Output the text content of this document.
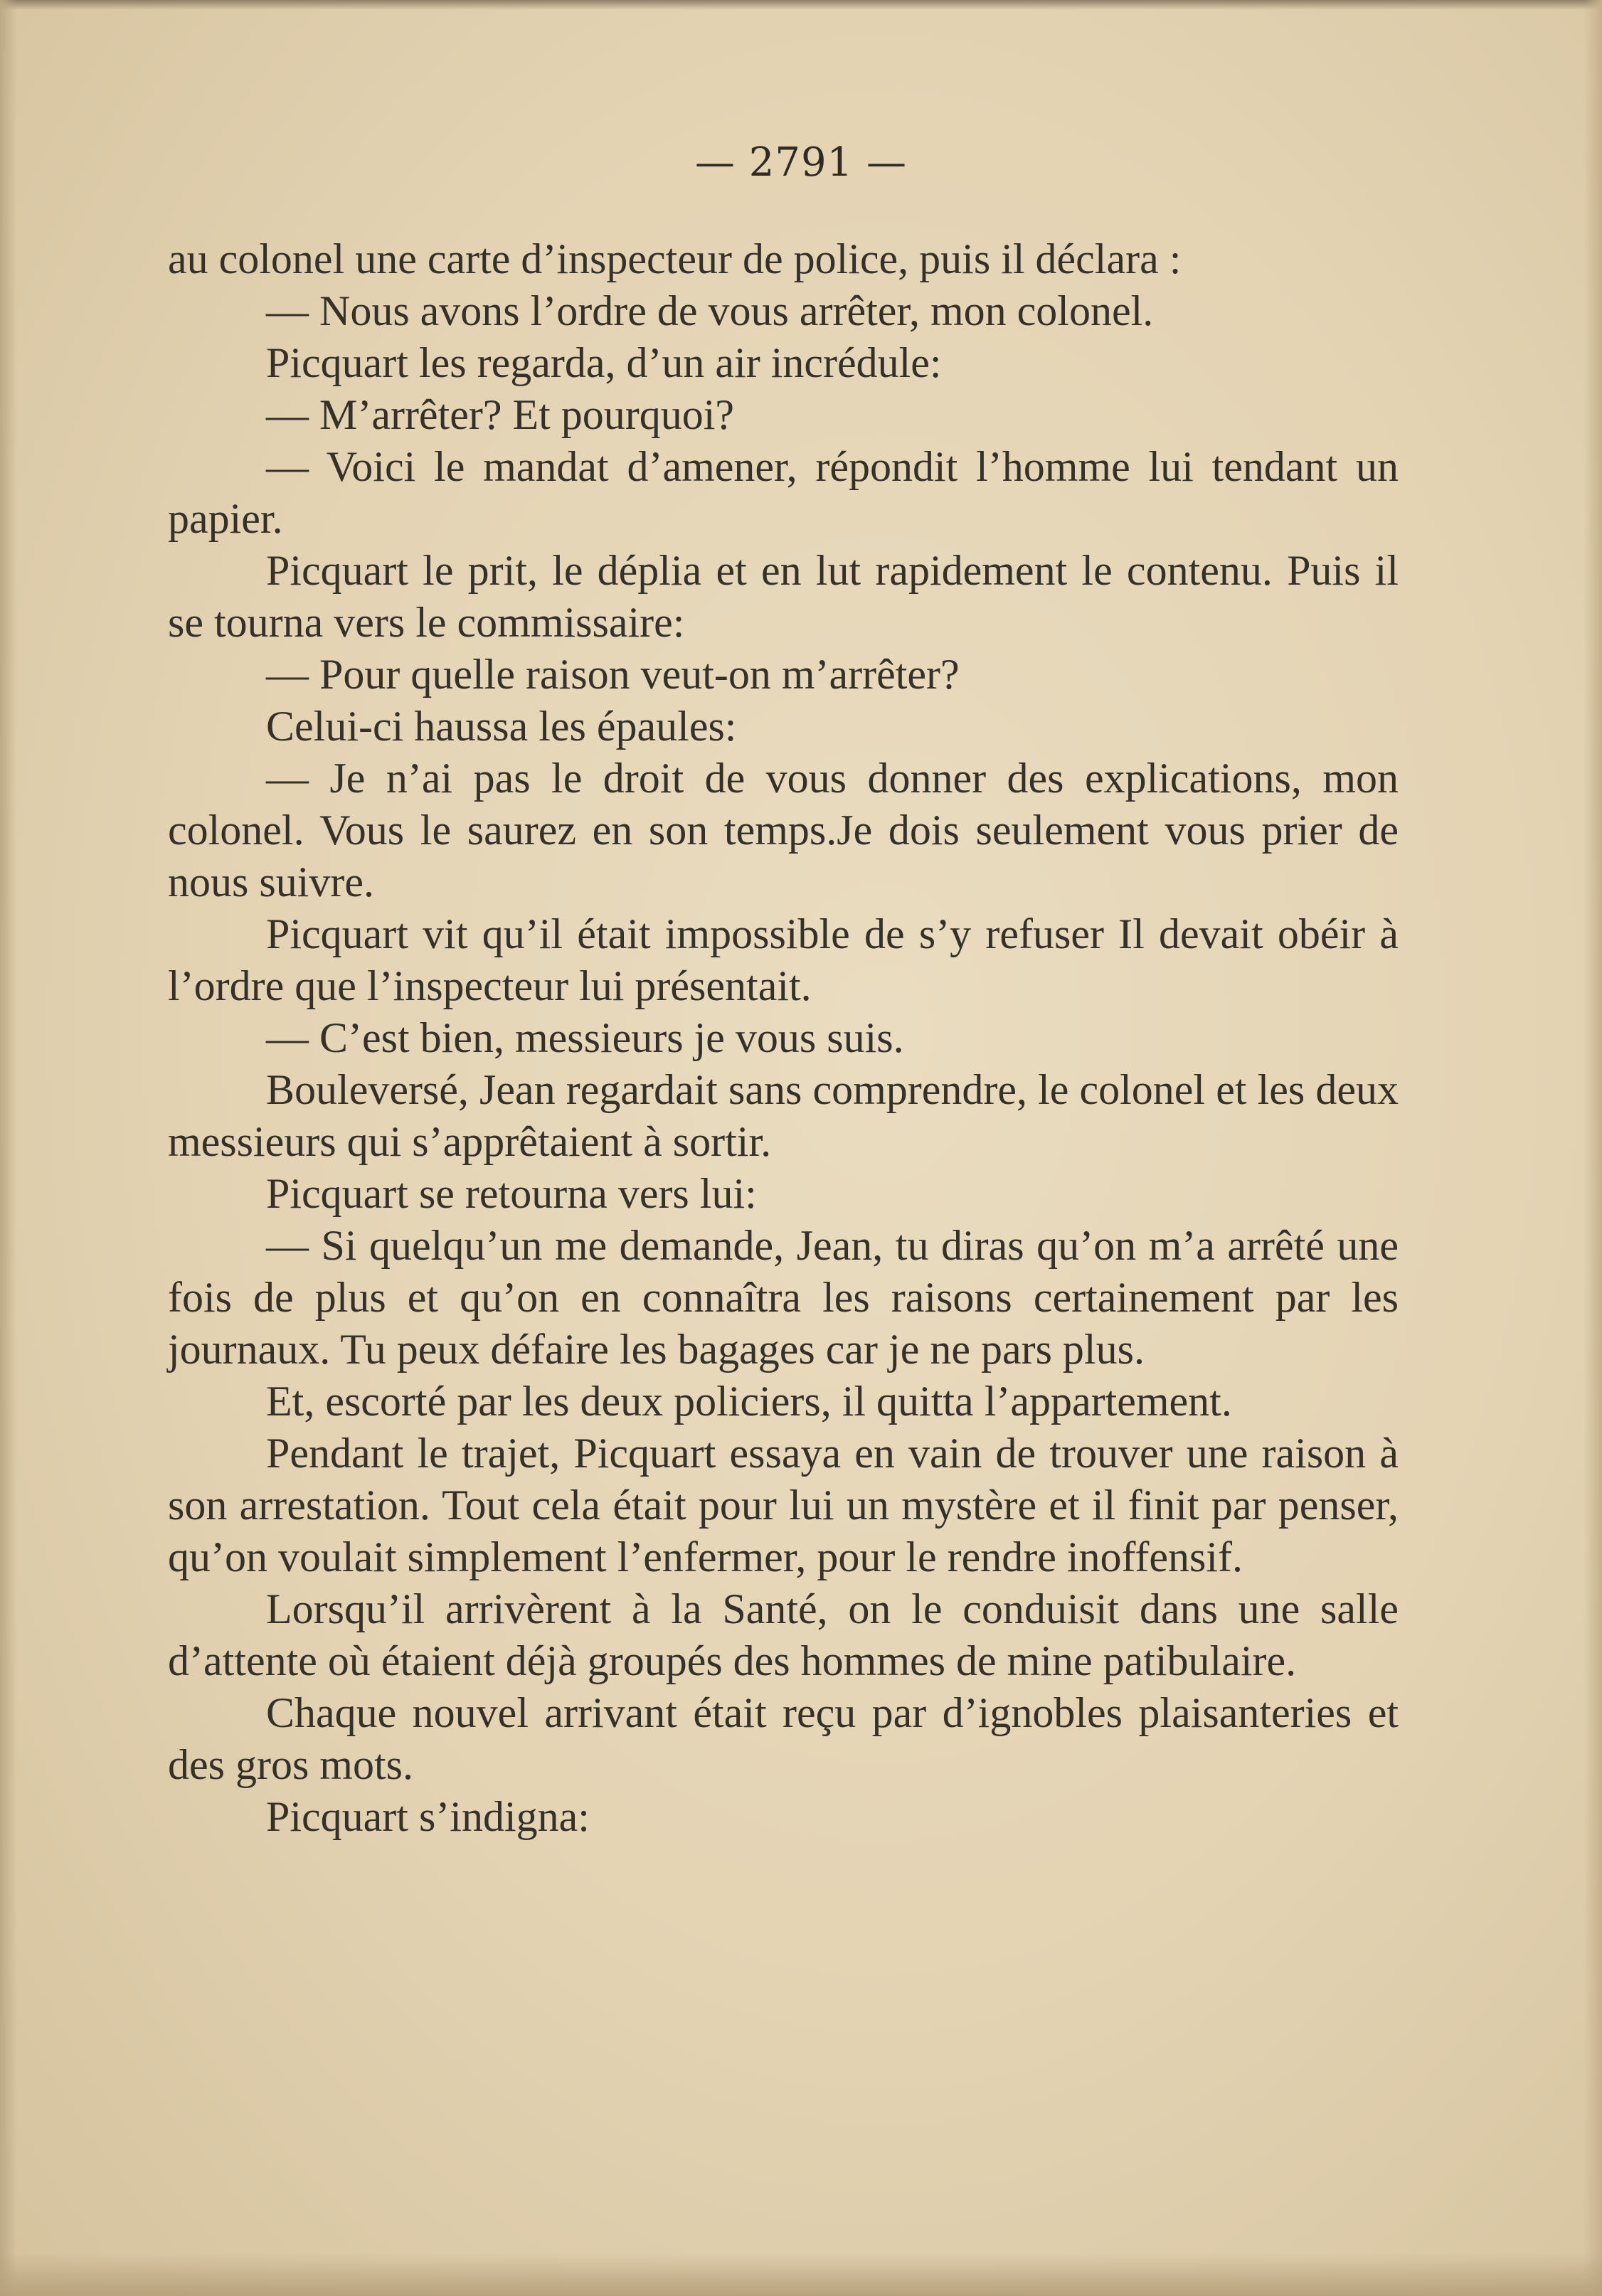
— 2791 —

au colonel une carte d’inspecteur de police, puis il déclara :

— Nous avons l’ordre de vous arrêter, mon colonel.

Picquart les regarda, d’un air incrédule:

— M’arrêter? Et pourquoi?

— Voici le mandat d’amener, répondit l’homme lui tendant un papier.

Picquart le prit, le déplia et en lut rapidement le contenu. Puis il se tourna vers le commissaire:

— Pour quelle raison veut-on m’arrêter?

Celui-ci haussa les épaules:

— Je n’ai pas le droit de vous donner des explications, mon colonel. Vous le saurez en son temps.Je dois seulement vous prier de nous suivre.

Picquart vit qu’il était impossible de s’y refuser Il devait obéir à l’ordre que l’inspecteur lui présentait.

— C’est bien, messieurs je vous suis.

Bouleversé, Jean regardait sans comprendre, le colonel et les deux messieurs qui s’apprêtaient à sortir.

Picquart se retourna vers lui:

— Si quelqu’un me demande, Jean, tu diras qu’on m’a arrêté une fois de plus et qu’on en connaîtra les raisons certainement par les journaux. Tu peux défaire les bagages car je ne pars plus.

Et, escorté par les deux policiers, il quitta l’appartement.

Pendant le trajet, Picquart essaya en vain de trouver une raison à son arrestation. Tout cela était pour lui un mystère et il finit par penser, qu’on voulait simplement l’enfermer, pour le rendre inoffensif.

Lorsqu’il arrivèrent à la Santé, on le conduisit dans une salle d’attente où étaient déjà groupés des hommes de mine patibulaire.

Chaque nouvel arrivant était reçu par d’ignobles plaisanteries et des gros mots.

Picquart s’indigna:
